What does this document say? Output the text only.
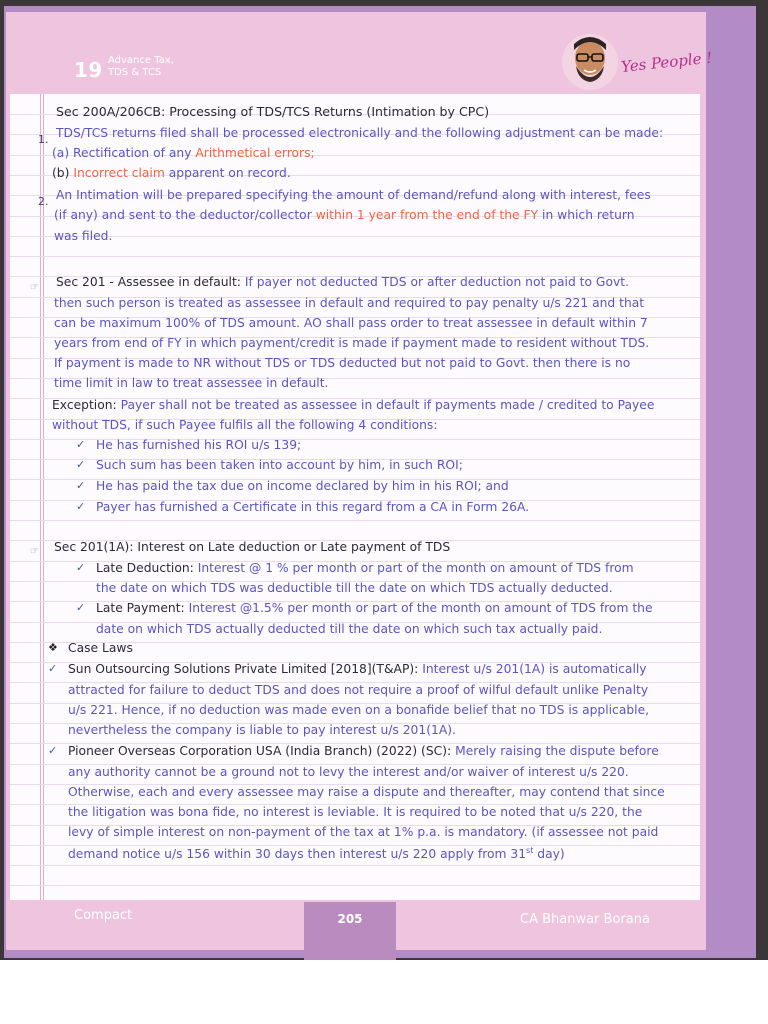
19 Advance Tax,
TDS & TCS	Yes People !
Compact	205	CA Bhanwar Borana
Sec 200A/206CB: Processing of TDS/TCS Returns (Intimation by CPC)
1. TDS/TCS returns filed shall be processed electronically and the following adjustment can be made:
(a) Rectification of any Arithmetical errors;
(b) Incorrect claim apparent on record.
2. An Intimation will be prepared specifying the amount of demand/refund along with interest, fees
(if any) and sent to the deductor/collector within 1 year from the end of the FY in which return
was filed.
☞ Sec 201 - Assessee in default: If payer not deducted TDS or after deduction not paid to Govt.
then such person is treated as assessee in default and required to pay penalty u/s 221 and that
can be maximum 100% of TDS amount. AO shall pass order to treat assessee in default within 7
years from end of FY in which payment/credit is made if payment made to resident without TDS.
If payment is made to NR without TDS or TDS deducted but not paid to Govt. then there is no
time limit in law to treat assessee in default.
Exception: Payer shall not be treated as assessee in default if payments made / credited to Payee
without TDS, if such Payee fulfils all the following 4 conditions:
✓ He has furnished his ROI u/s 139;
✓ Such sum has been taken into account by him, in such ROI;
✓ He has paid the tax due on income declared by him in his ROI; and
✓ Payer has furnished a Certificate in this regard from a CA in Form 26A.
☞ Sec 201(1A): Interest on Late deduction or Late payment of TDS
✓ Late Deduction: Interest @ 1 % per month or part of the month on amount of TDS from
the date on which TDS was deductible till the date on which TDS actually deducted.
✓ Late Payment: Interest @1.5% per month or part of the month on amount of TDS from the
date on which TDS actually deducted till the date on which such tax actually paid.
❖ Case Laws
✓ Sun Outsourcing Solutions Private Limited [2018](T&AP): Interest u/s 201(1A) is automatically
attracted for failure to deduct TDS and does not require a proof of wilful default unlike Penalty
u/s 221. Hence, if no deduction was made even on a bonafide belief that no TDS is applicable,
nevertheless the company is liable to pay interest u/s 201(1A).
✓ Pioneer Overseas Corporation USA (India Branch) (2022) (SC): Merely raising the dispute before
any authority cannot be a ground not to levy the interest and/or waiver of interest u/s 220.
Otherwise, each and every assessee may raise a dispute and thereafter, may contend that since
the litigation was bona fide, no interest is leviable. It is required to be noted that u/s 220, the
levy of simple interest on non-payment of the tax at 1% p.a. is mandatory. (if assessee not paid
demand notice u/s 156 within 30 days then interest u/s 220 apply from 31st day)
